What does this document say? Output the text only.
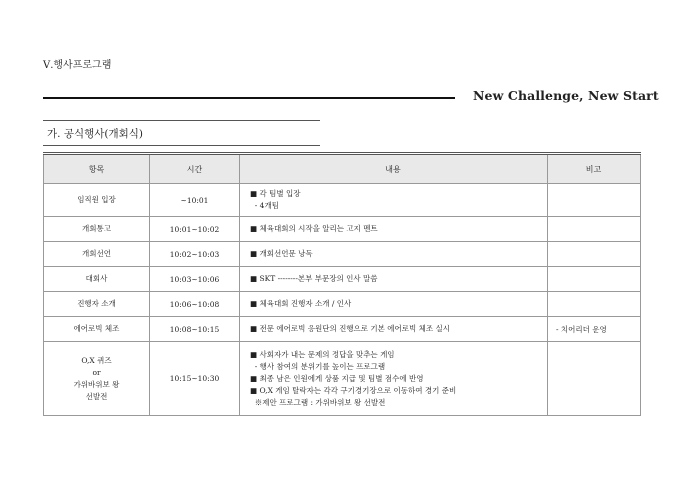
Ⅴ.행사프로그램
New Challenge, New Start
가. 공식행사(개회식)
항목	시간	내용	비고

임직원 입장	~10:01	■ 각 팀별 입장
- 4개팀	

개회통고	10:01~10:02	■ 체육대회의 시작을 알리는 고지 멘트	

개회선언	10:02~10:03	■ 개회선언문 낭독	

대회사	10:03~10:06	■ SKT --------본부 부문장의 인사 말씀	

진행자 소개	10:06~10:08	■ 체육대회 진행자 소개 / 인사	

에어로빅 체조	10:08~10:15	■ 전문 에어로빅 응원단의 진행으로 기본 에어로빅 체조 실시	- 치어리더 운영

O,X 퀴즈
or
가위바위보 왕
선발전	10:15~10:30	■ 사회자가 내는 문제의 정답을 맞추는 게임
- 행사 참여의 분위기를 높이는 프로그램
■ 최종 남은 인원에게 상품 지급 및 팀별 점수에 반영
■ O,X 게임 탈락자는 각각 구기경기장으로 이동하여 경기 준비
※제안 프로그램 : 가위바위보 왕 선발전	
